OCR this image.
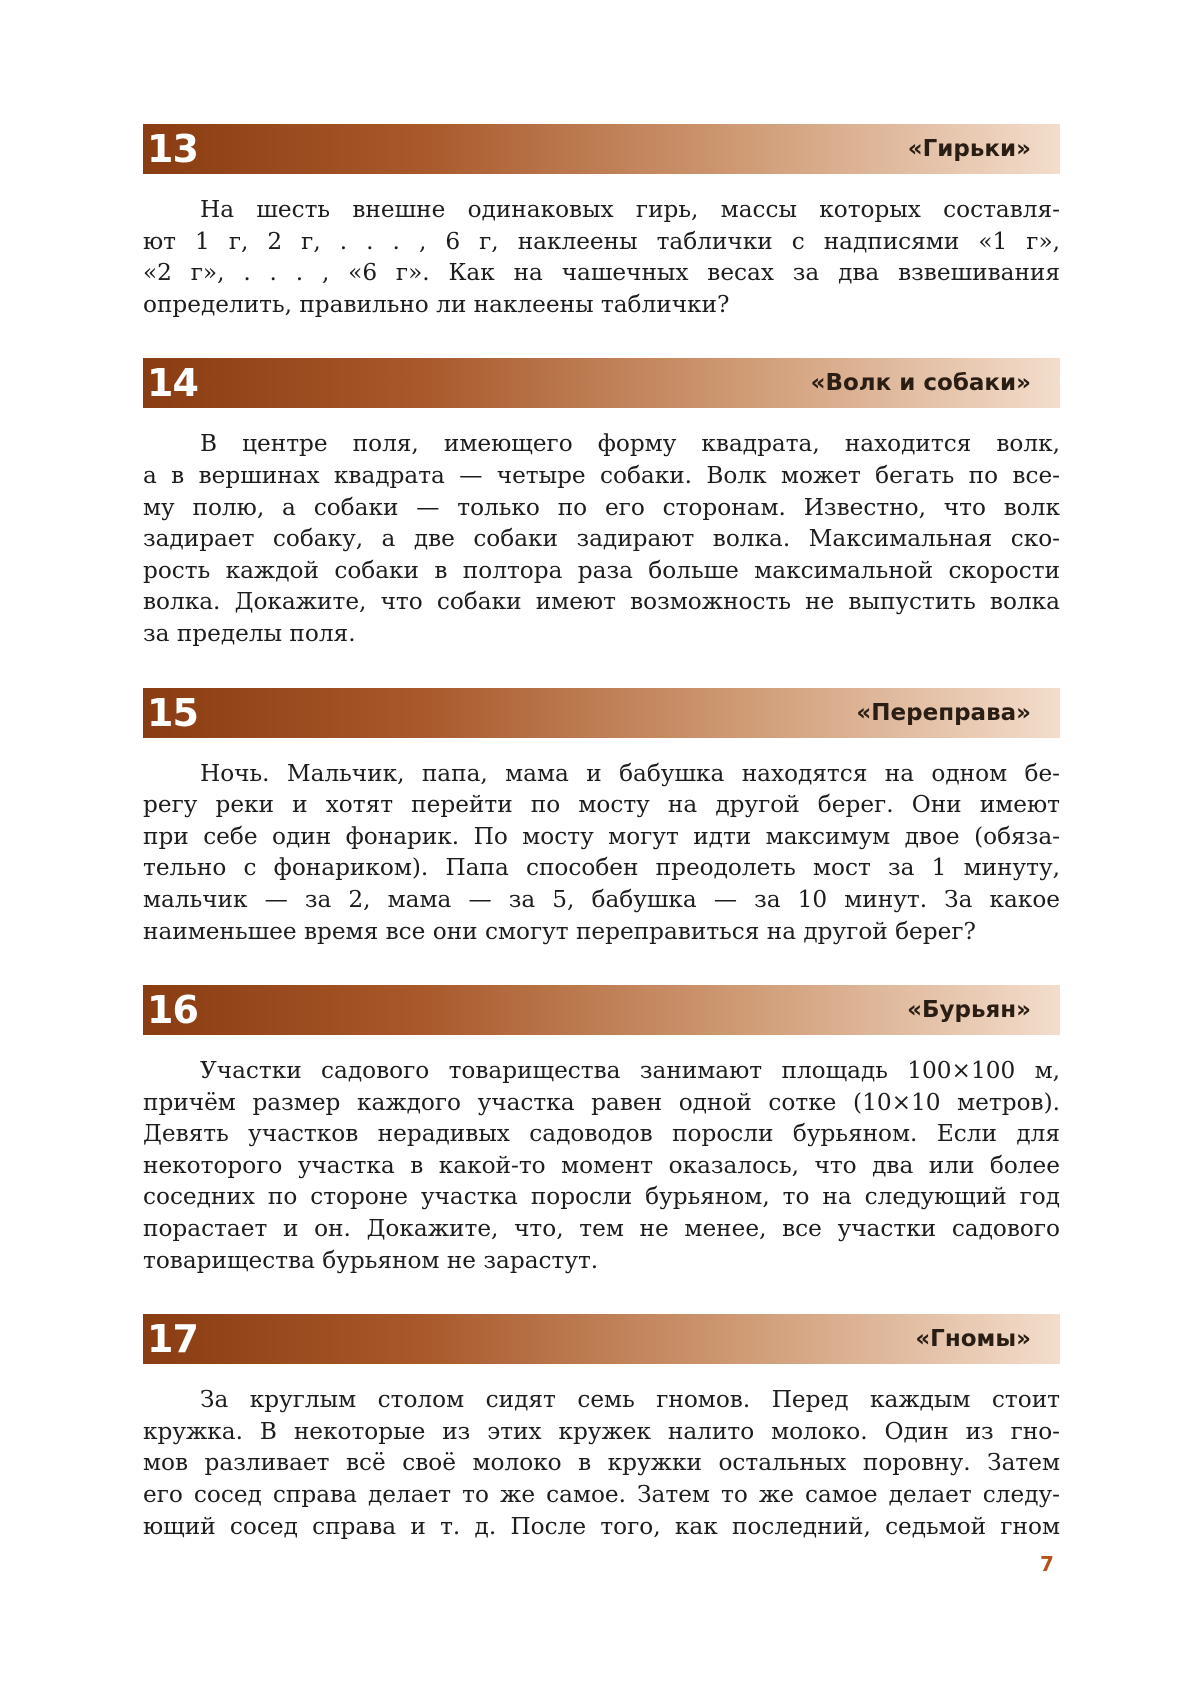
13	«Гирьки»
На шесть внешне одинаковых гирь, массы которых составля-
ют 1 г, 2 г, . . . , 6 г, наклеены таблички с надписями «1 г»,
«2 г», . . . , «6 г». Как на чашечных весах за два взвешивания
определить, правильно ли наклеены таблички?
14	«Волк и собаки»
В центре поля, имеющего форму квадрата, находится волк,
а в вершинах квадрата — четыре собаки. Волк может бегать по все-
му полю, а собаки — только по его сторонам. Известно, что волк
задирает собаку, а две собаки задирают волка. Максимальная ско-
рость каждой собаки в полтора раза больше максимальной скорости
волка. Докажите, что собаки имеют возможность не выпустить волка
за пределы поля.
15	«Переправа»
Ночь. Мальчик, папа, мама и бабушка находятся на одном бе-
регу реки и хотят перейти по мосту на другой берег. Они имеют
при себе один фонарик. По мосту могут идти максимум двое (обяза-
тельно с фонариком). Папа способен преодолеть мост за 1 минуту,
мальчик — за 2, мама — за 5, бабушка — за 10 минут. За какое
наименьшее время все они смогут переправиться на другой берег?
16	«Бурьян»
Участки садового товарищества занимают площадь 100×100 м,
причём размер каждого участка равен одной сотке (10×10 метров).
Девять участков нерадивых садоводов поросли бурьяном. Если для
некоторого участка в какой-то момент оказалось, что два или более
соседних по стороне участка поросли бурьяном, то на следующий год
порастает и он. Докажите, что, тем не менее, все участки садового
товарищества бурьяном не зарастут.
17	«Гномы»
За круглым столом сидят семь гномов. Перед каждым стоит
кружка. В некоторые из этих кружек налито молоко. Один из гно-
мов разливает всё своё молоко в кружки остальных поровну. Затем
его сосед справа делает то же самое. Затем то же самое делает следу-
ющий сосед справа и т. д. После того, как последний, седьмой гном
7
